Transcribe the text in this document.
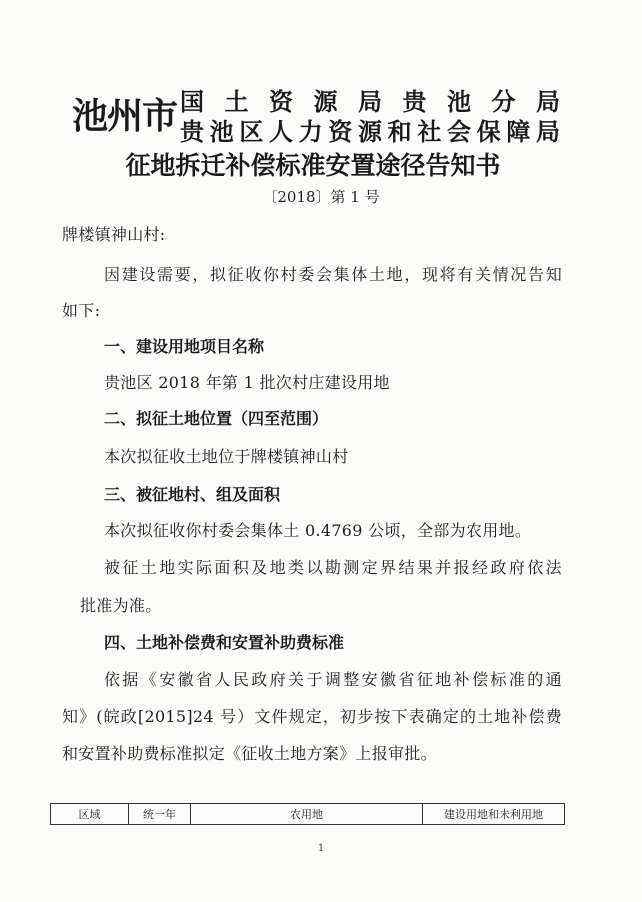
池州市 国土资源局贵池分局
贵池区人力资源和社会保障局
征地拆迁补偿标准安置途径告知书
〔2018〕第 1 号
牌楼镇神山村:
因建设需要，拟征收你村委会集体土地，现将有关情况告知
如下:
一、建设用地项目名称
贵池区 2018 年第 1 批次村庄建设用地
二、拟征土地位置（四至范围）
本次拟征收土地位于牌楼镇神山村
三、被征地村、组及面积
本次拟征收你村委会集体土 0.4769 公顷，全部为农用地。
被征土地实际面积及地类以勘测定界结果并报经政府依法
批准为准。
四、土地补偿费和安置补助费标准
依据《安徽省人民政府关于调整安徽省征地补偿标准的通
知》(皖政[2015]24 号）文件规定，初步按下表确定的土地补偿费
和安置补助费标准拟定《征收土地方案》上报审批。
区域	统一年	农用地	建设用地和未利用地
1
